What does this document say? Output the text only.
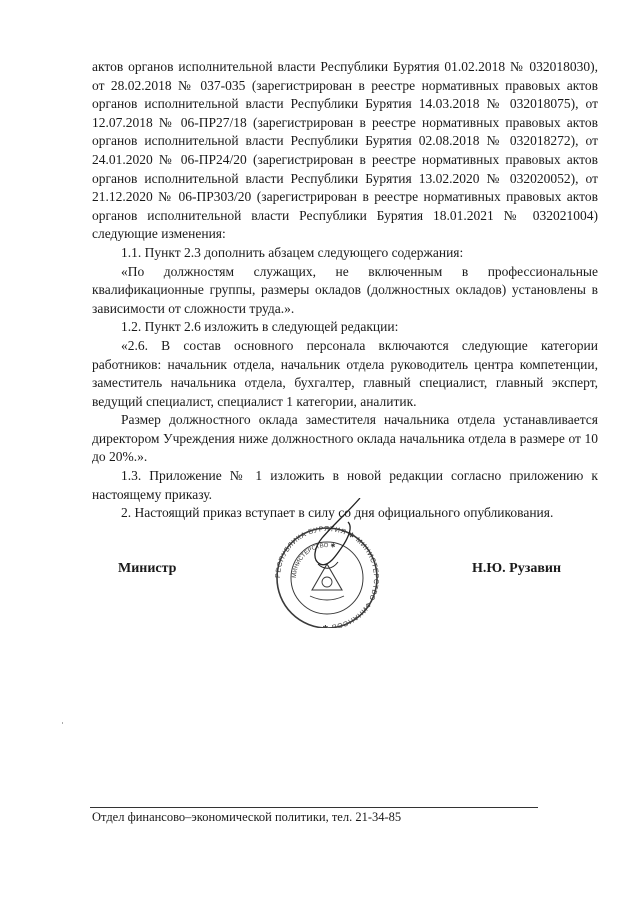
актов органов исполнительной власти Республики Бурятия 01.02.2018 № 032018030), от 28.02.2018 № 037-035 (зарегистрирован в реестре нормативных правовых актов органов исполнительной власти Республики Бурятия 14.03.2018 № 032018075), от 12.07.2018 № 06-ПР27/18 (зарегистрирован в реестре нормативных правовых актов органов исполнительной власти Республики Бурятия 02.08.2018 № 032018272), от 24.01.2020 № 06-ПР24/20 (зарегистрирован в реестре нормативных правовых актов органов исполнительной власти Республики Бурятия 13.02.2020 № 032020052), от 21.12.2020 № 06-ПР303/20 (зарегистрирован в реестре нормативных правовых актов органов исполнительной власти Республики Бурятия 18.01.2021 № 032021004) следующие изменения:

1.1. Пункт 2.3 дополнить абзацем следующего содержания:

«По должностям служащих, не включенным в профессиональные квалификационные группы, размеры окладов (должностных окладов) установлены в зависимости от сложности труда.».

1.2. Пункт 2.6 изложить в следующей редакции:

«2.6. В состав основного персонала включаются следующие категории работников: начальник отдела, начальник отдела руководитель центра компетенции, заместитель начальника отдела, бухгалтер, главный специалист, главный эксперт, ведущий специалист, специалист 1 категории, аналитик.

Размер должностного оклада заместителя начальника отдела устанавливается директором Учреждения ниже должностного оклада начальника отдела в размере от 10 до 20%.».

1.3. Приложение № 1 изложить в новой редакции согласно приложению к настоящему приказу.

2. Настоящий приказ вступает в силу со дня официального опубликования.

РЕСПУБЛИКА БУРЯТИЯ ✱ МИНИСТЕРСТВО ФИНАНСОВ ✱
МИНИСТЕРСТВО ✱
Министр	Н.Ю. Рузавин
Отдел финансово–экономической политики, тел. 21-34-85
